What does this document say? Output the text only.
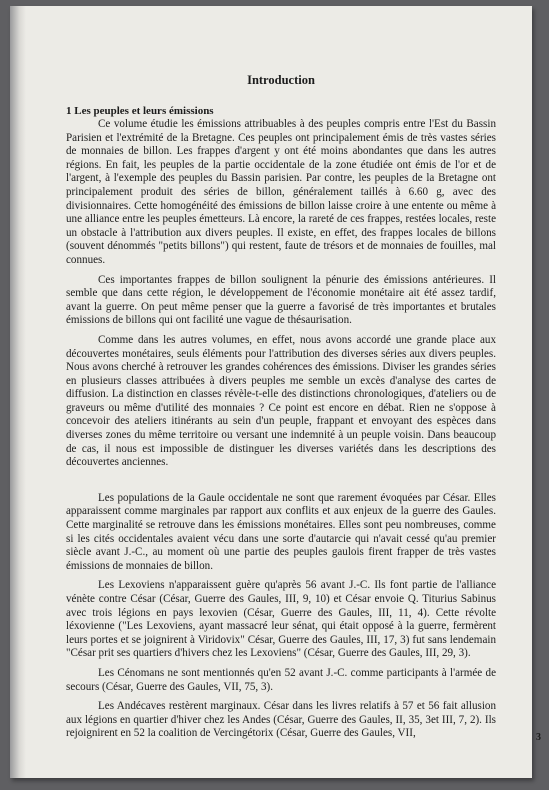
Introduction
1 Les peuples et leurs émissions

Ce volume étudie les émissions attribuables à des peuples compris entre l'Est du Bassin Parisien et l'extrémité de la Bretagne. Ces peuples ont principalement émis de très vastes séries de monnaies de billon. Les frappes d'argent y ont été moins abondantes que dans les autres régions. En fait, les peuples de la partie occidentale de la zone étudiée ont émis de l'or et de l'argent, à l'exemple des peuples du Bassin parisien. Par contre, les peuples de la Bretagne ont principalement produit des séries de billon, généralement taillés à 6.60 g, avec des divisionnaires. Cette homogénéité des émissions de billon laisse croire à une entente ou même à une alliance entre les peuples émetteurs. Là encore, la rareté de ces frappes, restées locales, reste un obstacle à l'attribution aux divers peuples. Il existe, en effet, des frappes locales de billons (souvent dénommés "petits billons") qui restent, faute de trésors et de monnaies de fouilles, mal connues.

Ces importantes frappes de billon soulignent la pénurie des émissions antérieures. Il semble que dans cette région, le développement de l'économie monétaire ait été assez tardif, avant la guerre. On peut même penser que la guerre a favorisé de très importantes et brutales émissions de billons qui ont facilité une vague de thésaurisation.

Comme dans les autres volumes, en effet, nous avons accordé une grande place aux découvertes monétaires, seuls éléments pour l'attribution des diverses séries aux divers peuples. Nous avons cherché à retrouver les grandes cohérences des émissions. Diviser les grandes séries en plusieurs classes attribuées à divers peuples me semble un excès d'analyse des cartes de diffusion. La distinction en classes révèle-t-elle des distinctions chronologiques, d'ateliers ou de graveurs ou même d'utilité des monnaies ? Ce point est encore en débat. Rien ne s'oppose à concevoir des ateliers itinérants au sein d'un peuple, frappant et envoyant des espèces dans diverses zones du même territoire ou versant une indemnité à un peuple voisin. Dans beaucoup de cas, il nous est impossible de distinguer les diverses variétés dans les descriptions des découvertes anciennes.

Les populations de la Gaule occidentale ne sont que rarement évoquées par César. Elles apparaissent comme marginales par rapport aux conflits et aux enjeux de la guerre des Gaules. Cette marginalité se retrouve dans les émissions monétaires. Elles sont peu nombreuses, comme si les cités occidentales avaient vécu dans une sorte d'autarcie qui n'avait cessé qu'au premier siècle avant J.-C., au moment où une partie des peuples gaulois firent frapper de très vastes émissions de monnaies de billon.

Les Lexoviens n'apparaissent guère qu'après 56 avant J.-C. Ils font partie de l'alliance vénète contre César (César, Guerre des Gaules, III, 9, 10) et César envoie Q. Titurius Sabinus avec trois légions en pays lexovien (César, Guerre des Gaules, III, 11, 4). Cette révolte léxovienne ("Les Lexoviens, ayant massacré leur sénat, qui était opposé à la guerre, fermèrent leurs portes et se joignirent à Viridovix" César, Guerre des Gaules, III, 17, 3) fut sans lendemain "César prit ses quartiers d'hivers chez les Lexoviens" (César, Guerre des Gaules, III, 29, 3).

Les Cénomans ne sont mentionnés qu'en 52 avant J.-C. comme participants à l'armée de secours (César, Guerre des Gaules, VII, 75, 3).

Les Andécaves restèrent marginaux. César dans les livres relatifs à 57 et 56 fait allusion aux légions en quartier d'hiver chez les Andes (César, Guerre des Gaules, II, 35, 3et III, 7, 2). Ils rejoignirent en 52 la coalition de Vercingétorix (César, Guerre des Gaules, VII,	3
